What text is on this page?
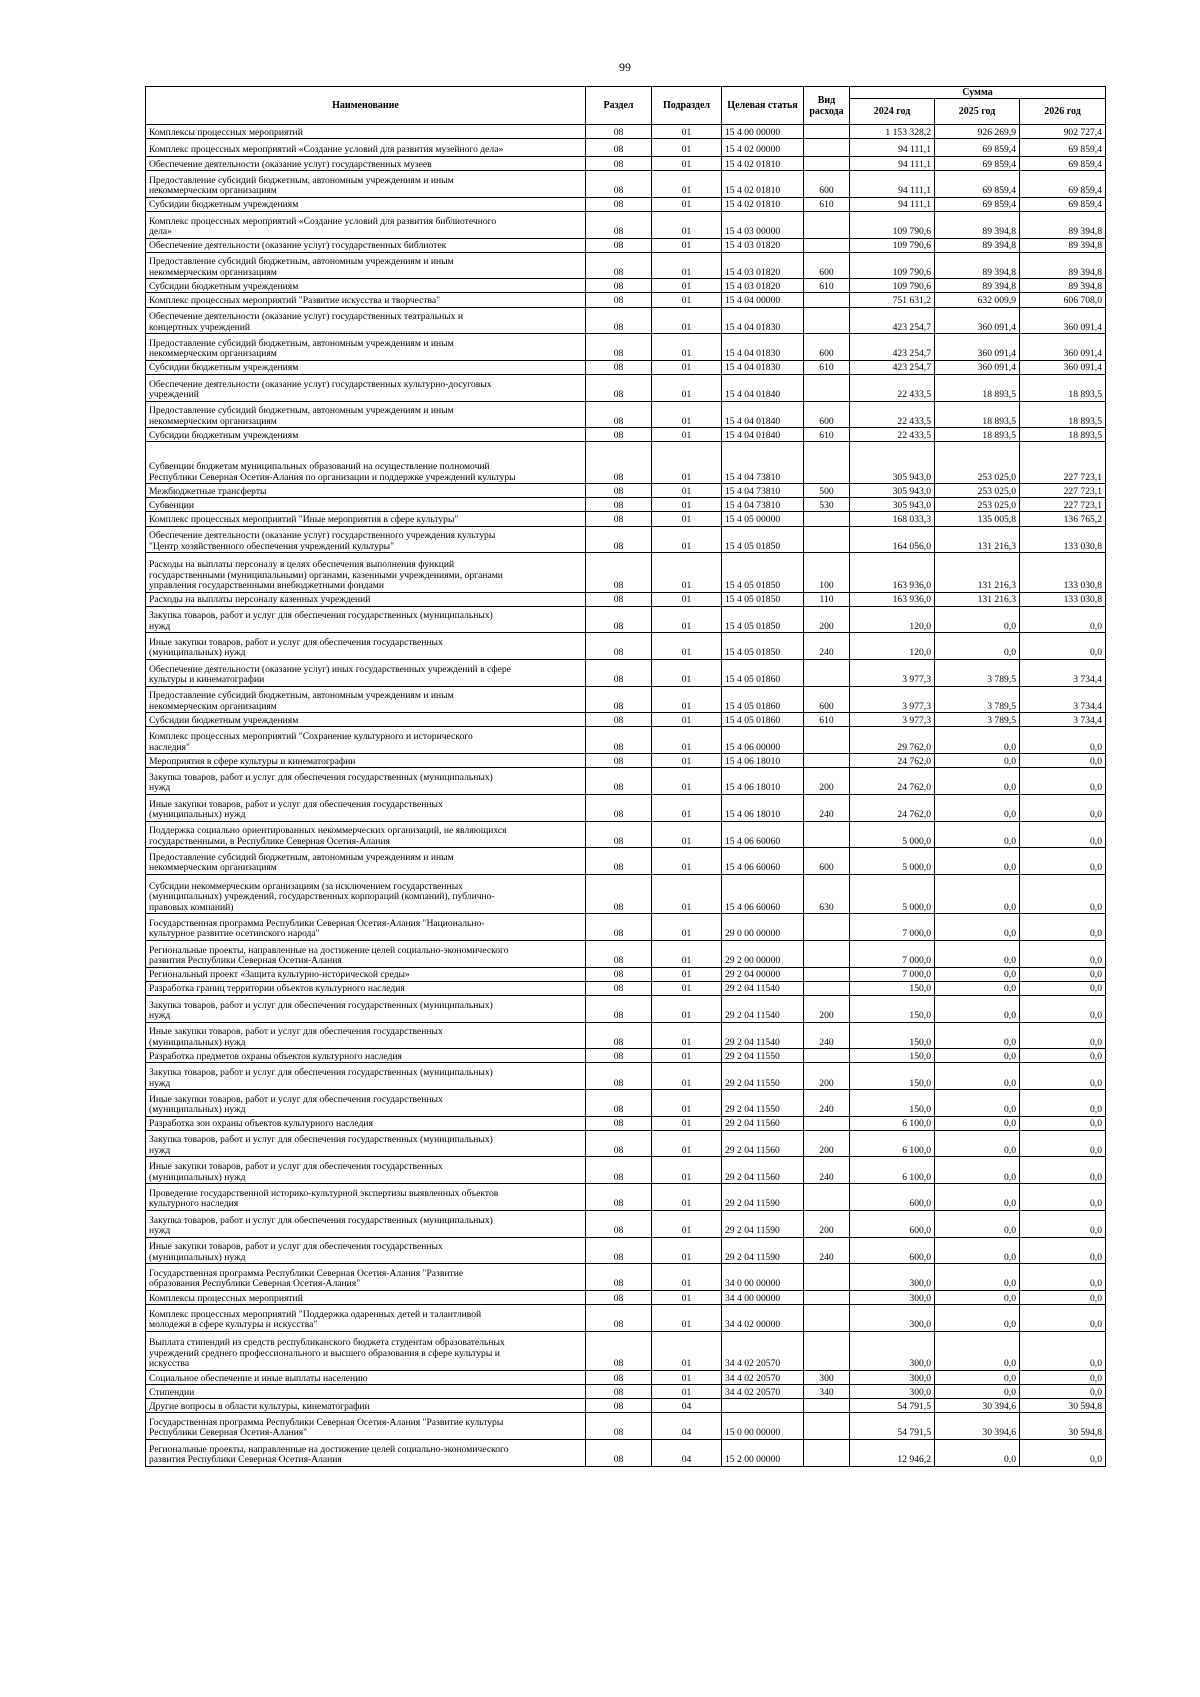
99
Наименование	Раздел	Подраздел	Целевая статья	Вид расхода	Сумма		
					2024 год	2025 год	2026 год
Комплексы процессных мероприятий	08	01	15 4 00 00000		1 153 328,2	926 269,9	902 727,4
Комплекс процессных мероприятий «Создание условий для развития музейного дела»	08	01	15 4 02 00000		94 111,1	69 859,4	69 859,4
Обеспечение деятельности (оказание услуг) государственных музеев	08	01	15 4 02 01810		94 111,1	69 859,4	69 859,4
Предоставление субсидий бюджетным, автономным учреждениям и иным
некоммерческим организациям	08	01	15 4 02 01810	600	94 111,1	69 859,4	69 859,4
Субсидии бюджетным учреждениям	08	01	15 4 02 01810	610	94 111,1	69 859,4	69 859,4
Комплекс процессных мероприятий «Создание условий для развития библиотечного
дела»	08	01	15 4 03 00000		109 790,6	89 394,8	89 394,8
Обеспечение деятельности (оказание услуг) государственных библиотек	08	01	15 4 03 01820		109 790,6	89 394,8	89 394,8
Предоставление субсидий бюджетным, автономным учреждениям и иным
некоммерческим организациям	08	01	15 4 03 01820	600	109 790,6	89 394,8	89 394,8
Субсидии бюджетным учреждениям	08	01	15 4 03 01820	610	109 790,6	89 394,8	89 394,8
Комплекс процессных мероприятий "Развитие искусства и творчества"	08	01	15 4 04 00000		751 631,2	632 009,9	606 708,0
Обеспечение деятельности (оказание услуг) государственных театральных и
концертных учреждений	08	01	15 4 04 01830		423 254,7	360 091,4	360 091,4
Предоставление субсидий бюджетным, автономным учреждениям и иным
некоммерческим организациям	08	01	15 4 04 01830	600	423 254,7	360 091,4	360 091,4
Субсидии бюджетным учреждениям	08	01	15 4 04 01830	610	423 254,7	360 091,4	360 091,4
Обеспечение деятельности (оказание услуг) государственных культурно-досуговых
учреждений	08	01	15 4 04 01840		22 433,5	18 893,5	18 893,5
Предоставление субсидий бюджетным, автономным учреждениям и иным
некоммерческим организациям	08	01	15 4 04 01840	600	22 433,5	18 893,5	18 893,5
Субсидии бюджетным учреждениям	08	01	15 4 04 01840	610	22 433,5	18 893,5	18 893,5
Субвенции бюджетам муниципальных образований на осуществление полномочий
Республики Северная Осетия-Алания по организации и поддержке учреждений культуры	08	01	15 4 04 73810		305 943,0	253 025,0	227 723,1
Межбюджетные трансферты	08	01	15 4 04 73810	500	305 943,0	253 025,0	227 723,1
Субвенции	08	01	15 4 04 73810	530	305 943,0	253 025,0	227 723,1
Комплекс процессных мероприятий "Иные мероприятия в сфере культуры"	08	01	15 4 05 00000		168 033,3	135 005,8	136 765,2
Обеспечение деятельности (оказание услуг) государственного учреждения культуры
"Центр хозяйственного обеспечения учреждений культуры"	08	01	15 4 05 01850		164 056,0	131 216,3	133 030,8
Расходы на выплаты персоналу в целях обеспечения выполнения функций
государственными (муниципальными) органами, казенными учреждениями, органами
управления государственными внебюджетными фондами	08	01	15 4 05 01850	100	163 936,0	131 216,3	133 030,8
Расходы на выплаты персоналу казенных учреждений	08	01	15 4 05 01850	110	163 936,0	131 216,3	133 030,8
Закупка товаров, работ и услуг для обеспечения государственных (муниципальных)
нужд	08	01	15 4 05 01850	200	120,0	0,0	0,0
Иные закупки товаров, работ и услуг для обеспечения государственных
(муниципальных) нужд	08	01	15 4 05 01850	240	120,0	0,0	0,0
Обеспечение деятельности (оказание услуг) иных государственных учреждений в сфере
культуры и кинематографии	08	01	15 4 05 01860		3 977,3	3 789,5	3 734,4
Предоставление субсидий бюджетным, автономным учреждениям и иным
некоммерческим организациям	08	01	15 4 05 01860	600	3 977,3	3 789,5	3 734,4
Субсидии бюджетным учреждениям	08	01	15 4 05 01860	610	3 977,3	3 789,5	3 734,4
Комплекс процессных мероприятий "Сохранение культурного и исторического
наследия"	08	01	15 4 06 00000		29 762,0	0,0	0,0
Мероприятия в сфере культуры и кинематографии	08	01	15 4 06 18010		24 762,0	0,0	0,0
Закупка товаров, работ и услуг для обеспечения государственных (муниципальных)
нужд	08	01	15 4 06 18010	200	24 762,0	0,0	0,0
Иные закупки товаров, работ и услуг для обеспечения государственных
(муниципальных) нужд	08	01	15 4 06 18010	240	24 762,0	0,0	0,0
Поддержка социально ориентированных некоммерческих организаций, не являющихся
государственными, в Республике Северная Осетия-Алания	08	01	15 4 06 60060		5 000,0	0,0	0,0
Предоставление субсидий бюджетным, автономным учреждениям и иным
некоммерческим организациям	08	01	15 4 06 60060	600	5 000,0	0,0	0,0
Субсидии некоммерческим организациям (за исключением государственных
(муниципальных) учреждений, государственных корпораций (компаний), публично-
правовых компаний)	08	01	15 4 06 60060	630	5 000,0	0,0	0,0
Государственная программа Республики Северная Осетия-Алания "Национально-
культурное развитие осетинского народа"	08	01	29 0 00 00000		7 000,0	0,0	0,0
Региональные проекты, направленные на достижение целей социально-экономического
развития Республики Северная Осетия-Алания	08	01	29 2 00 00000		7 000,0	0,0	0,0
Региональный проект «Защита культурно-исторической среды»	08	01	29 2 04 00000		7 000,0	0,0	0,0
Разработка границ территории объектов культурного наследия	08	01	29 2 04 11540		150,0	0,0	0,0
Закупка товаров, работ и услуг для обеспечения государственных (муниципальных)
нужд	08	01	29 2 04 11540	200	150,0	0,0	0,0
Иные закупки товаров, работ и услуг для обеспечения государственных
(муниципальных) нужд	08	01	29 2 04 11540	240	150,0	0,0	0,0
Разработка предметов охраны объектов культурного наследия	08	01	29 2 04 11550		150,0	0,0	0,0
Закупка товаров, работ и услуг для обеспечения государственных (муниципальных)
нужд	08	01	29 2 04 11550	200	150,0	0,0	0,0
Иные закупки товаров, работ и услуг для обеспечения государственных
(муниципальных) нужд	08	01	29 2 04 11550	240	150,0	0,0	0,0
Разработка зон охраны объектов культурного наследия	08	01	29 2 04 11560		6 100,0	0,0	0,0
Закупка товаров, работ и услуг для обеспечения государственных (муниципальных)
нужд	08	01	29 2 04 11560	200	6 100,0	0,0	0,0
Иные закупки товаров, работ и услуг для обеспечения государственных
(муниципальных) нужд	08	01	29 2 04 11560	240	6 100,0	0,0	0,0
Проведение государственной историко-культурной экспертизы выявленных объектов
культурного наследия	08	01	29 2 04 11590		600,0	0,0	0,0
Закупка товаров, работ и услуг для обеспечения государственных (муниципальных)
нужд	08	01	29 2 04 11590	200	600,0	0,0	0,0
Иные закупки товаров, работ и услуг для обеспечения государственных
(муниципальных) нужд	08	01	29 2 04 11590	240	600,0	0,0	0,0
Государственная программа Республики Северная Осетия-Алания "Развитие
образования Республики Северная Осетия-Алания"	08	01	34 0 00 00000		300,0	0,0	0,0
Комплексы процессных мероприятий	08	01	34 4 00 00000		300,0	0,0	0,0
Комплекс процессных мероприятий "Поддержка одаренных детей и талантливой
молодежи в сфере культуры и искусства"	08	01	34 4 02 00000		300,0	0,0	0,0
Выплата стипендий из средств республиканского бюджета студентам образовательных
учреждений среднего профессионального и высшего образования в сфере культуры и
искусства	08	01	34 4 02 20570		300,0	0,0	0,0
Социальное обеспечение и иные выплаты населению	08	01	34 4 02 20570	300	300,0	0,0	0,0
Стипендии	08	01	34 4 02 20570	340	300,0	0,0	0,0
Другие вопросы в области культуры, кинематографии	08	04			54 791,5	30 394,6	30 594,8
Государственная программа Республики Северная Осетия-Алания "Развитие культуры
Республики Северная Осетия-Алания"	08	04	15 0 00 00000		54 791,5	30 394,6	30 594,8
Региональные проекты, направленные на достижение целей социально-экономического
развития Республики Северная Осетия-Алания	08	04	15 2 00 00000		12 946,2	0,0	0,0
